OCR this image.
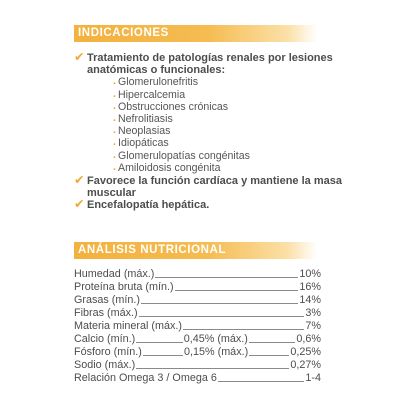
INDICACIONES
✔ Tratamiento de patologías renales por lesiones anatómicas o funcionales:
. Glomerulonefritis
. Hipercalcemia
. Obstrucciones crónicas
. Nefrolitiasis
. Neoplasias
. Idiopáticas
. Glomerulopatías congénitas
. Amiloidosis congénita
✔ Favorece la función cardíaca y mantiene la masa muscular
✔ Encefalopatía hepática.
ANÁLISIS NUTRICIONAL
Humedad (máx.)	10%
Proteína bruta (mín.)	16%
Grasas (mín.)	14%
Fibras (máx.)	3%
Materia mineral (máx.)	7%
Calcio (mín.)	0,45% (máx.)	0,6%
Fósforo (mín.)	0,15% (máx.)	0,25%
Sodio (máx.)	0,27%
Relación Omega 3 / Omega 6	1-4
